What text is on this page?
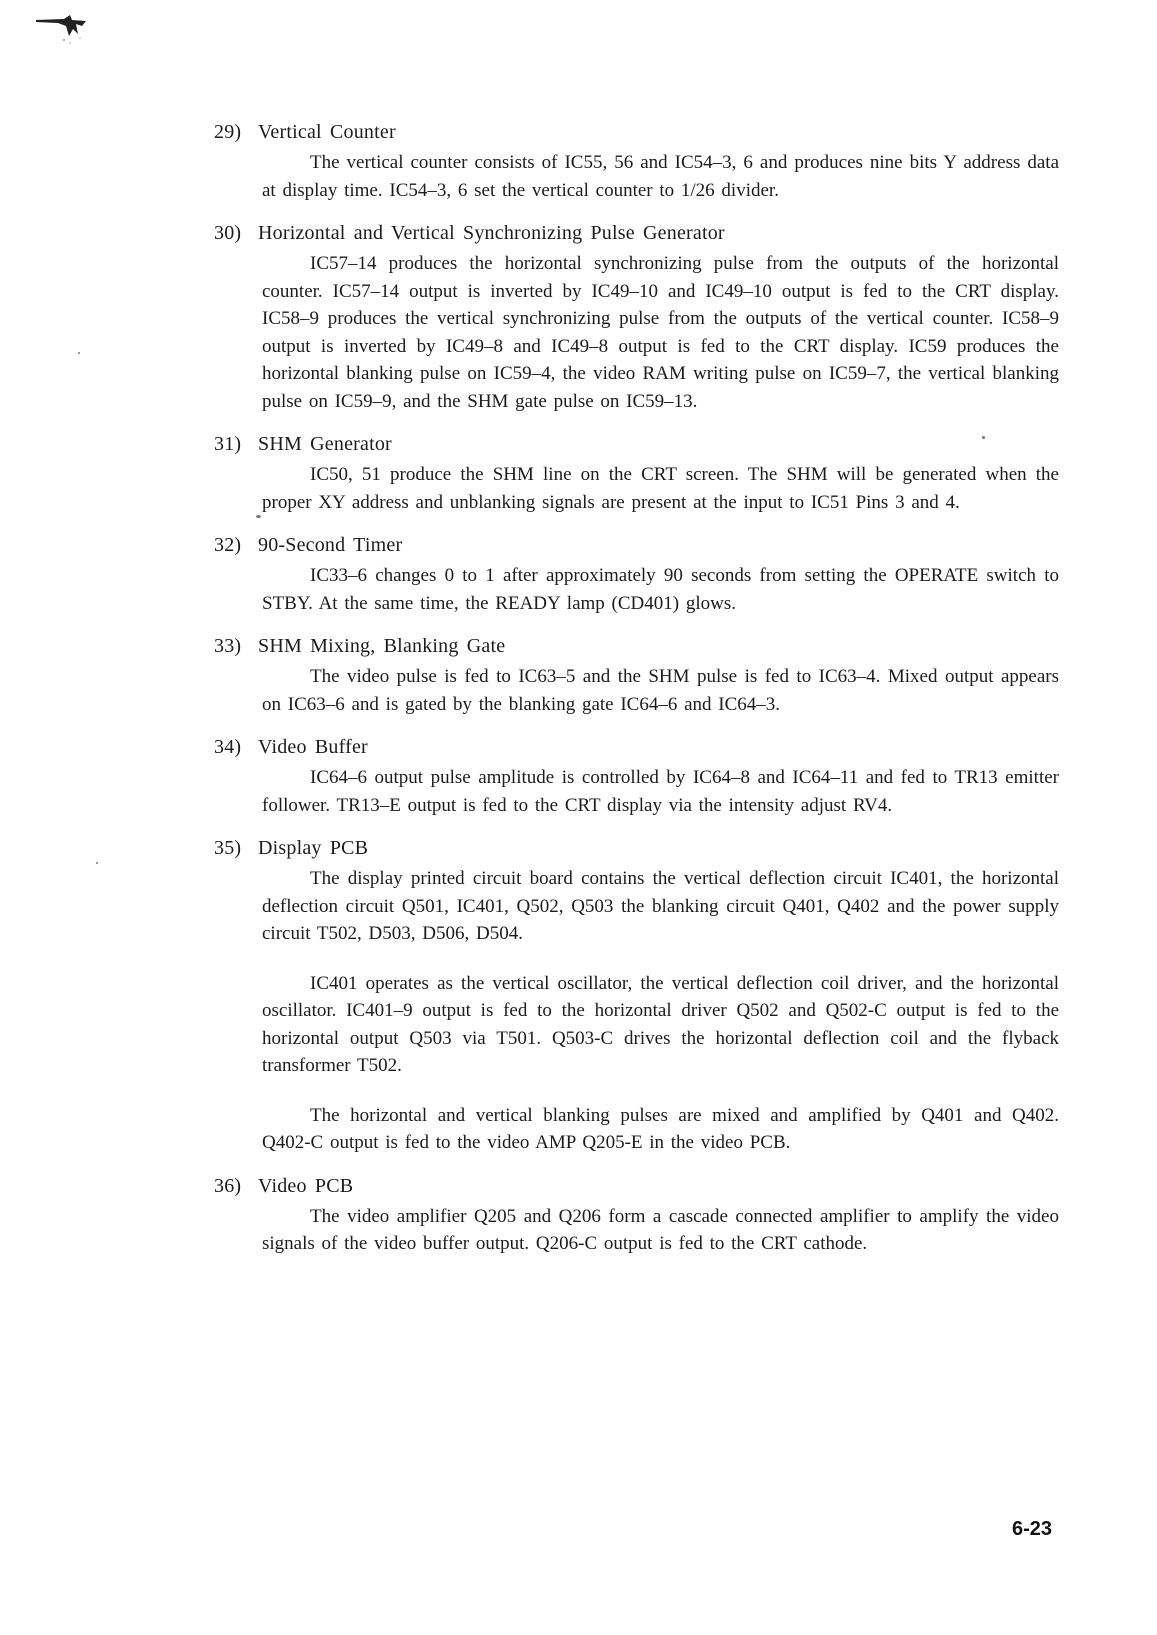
29) Vertical Counter

The vertical counter consists of IC55, 56 and IC54–3, 6 and produces nine bits Y address data at display time. IC54–3, 6 set the vertical counter to 1/26 divider.

30) Horizontal and Vertical Synchronizing Pulse Generator

IC57–14 produces the horizontal synchronizing pulse from the outputs of the horizontal counter. IC57–14 output is inverted by IC49–10 and IC49–10 output is fed to the CRT display. IC58–9 produces the vertical synchronizing pulse from the outputs of the vertical counter. IC58–9 output is inverted by IC49–8 and IC49–8 output is fed to the CRT display. IC59 produces the horizontal blanking pulse on IC59–4, the video RAM writing pulse on IC59–7, the vertical blanking pulse on IC59–9, and the SHM gate pulse on IC59–13.

31) SHM Generator

IC50, 51 produce the SHM line on the CRT screen. The SHM will be generated when the proper XY address and unblanking signals are present at the input to IC51 Pins 3 and 4.

32) 90-Second Timer

IC33–6 changes 0 to 1 after approximately 90 seconds from setting the OPERATE switch to STBY. At the same time, the READY lamp (CD401) glows.

33) SHM Mixing, Blanking Gate

The video pulse is fed to IC63–5 and the SHM pulse is fed to IC63–4. Mixed output appears on IC63–6 and is gated by the blanking gate IC64–6 and IC64–3.

34) Video Buffer

IC64–6 output pulse amplitude is controlled by IC64–8 and IC64–11 and fed to TR13 emitter follower. TR13–E output is fed to the CRT display via the intensity adjust RV4.

35) Display PCB

The display printed circuit board contains the vertical deflection circuit IC401, the horizontal deflection circuit Q501, IC401, Q502, Q503 the blanking circuit Q401, Q402 and the power supply circuit T502, D503, D506, D504.

IC401 operates as the vertical oscillator, the vertical deflection coil driver, and the horizontal oscillator. IC401–9 output is fed to the horizontal driver Q502 and Q502-C output is fed to the horizontal output Q503 via T501. Q503-C drives the horizontal deflection coil and the flyback transformer T502.

The horizontal and vertical blanking pulses are mixed and amplified by Q401 and Q402. Q402-C output is fed to the video AMP Q205-E in the video PCB.

36) Video PCB

The video amplifier Q205 and Q206 form a cascade connected amplifier to amplify the video signals of the video buffer output. Q206-C output is fed to the CRT cathode.

6-23
